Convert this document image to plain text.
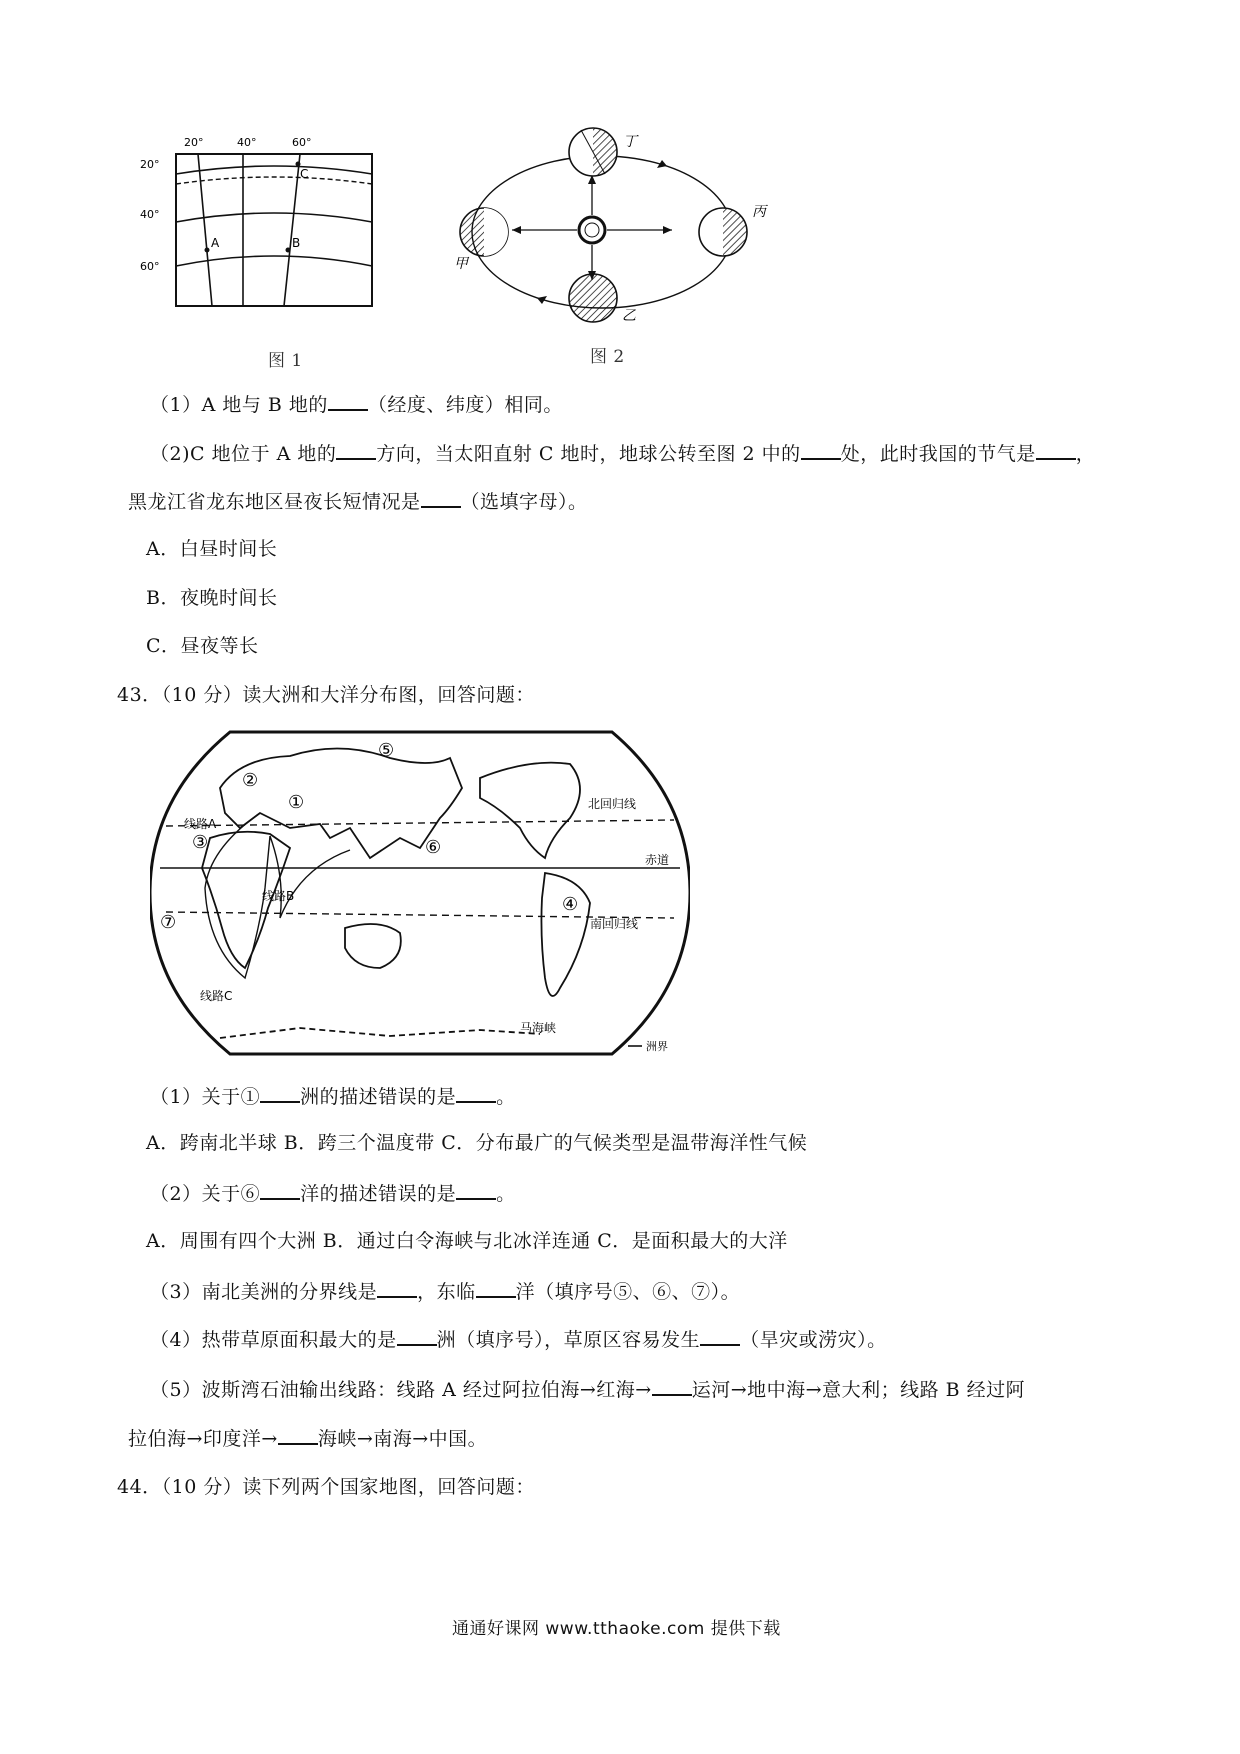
20°	40°	60°
20°
40°
60°
A	B
C
图 1
丁
丙
甲
乙
图 2
（1）A 地与 B 地的 （经度、纬度）相同。
（2)C 地位于 A 地的 方向，当太阳直射 C 地时，地球公转至图 2 中的 处，此时我国的节气是 ，
黑龙江省龙东地区昼夜长短情况是 （选填字母）。
A．白昼时间长
B．夜晚时间长
C．昼夜等长
43．（10 分）读大洲和大洋分布图，回答问题：
①
②
③
④
⑤
⑥
⑦
线路A
线路B
线路C
北回归线
赤道
南回归线
马海峡
洲界
（1）关于① 洲的描述错误的是 。
A．跨南北半球 B．跨三个温度带 C．分布最广的气候类型是温带海洋性气候
（2）关于⑥ 洋的描述错误的是 。
A．周围有四个大洲 B．通过白令海峡与北冰洋连通 C．是面积最大的大洋
（3）南北美洲的分界线是 ，东临 洋（填序号⑤、⑥、⑦）。
（4）热带草原面积最大的是 洲（填序号），草原区容易发生 （旱灾或涝灾）。
（5）波斯湾石油输出线路：线路 A 经过阿拉伯海→红海→ 运河→地中海→意大利；线路 B 经过阿
拉伯海→印度洋→ 海峡→南海→中国。
44．（10 分）读下列两个国家地图，回答问题：
通通好课网 www.tthaoke.com 提供下载
